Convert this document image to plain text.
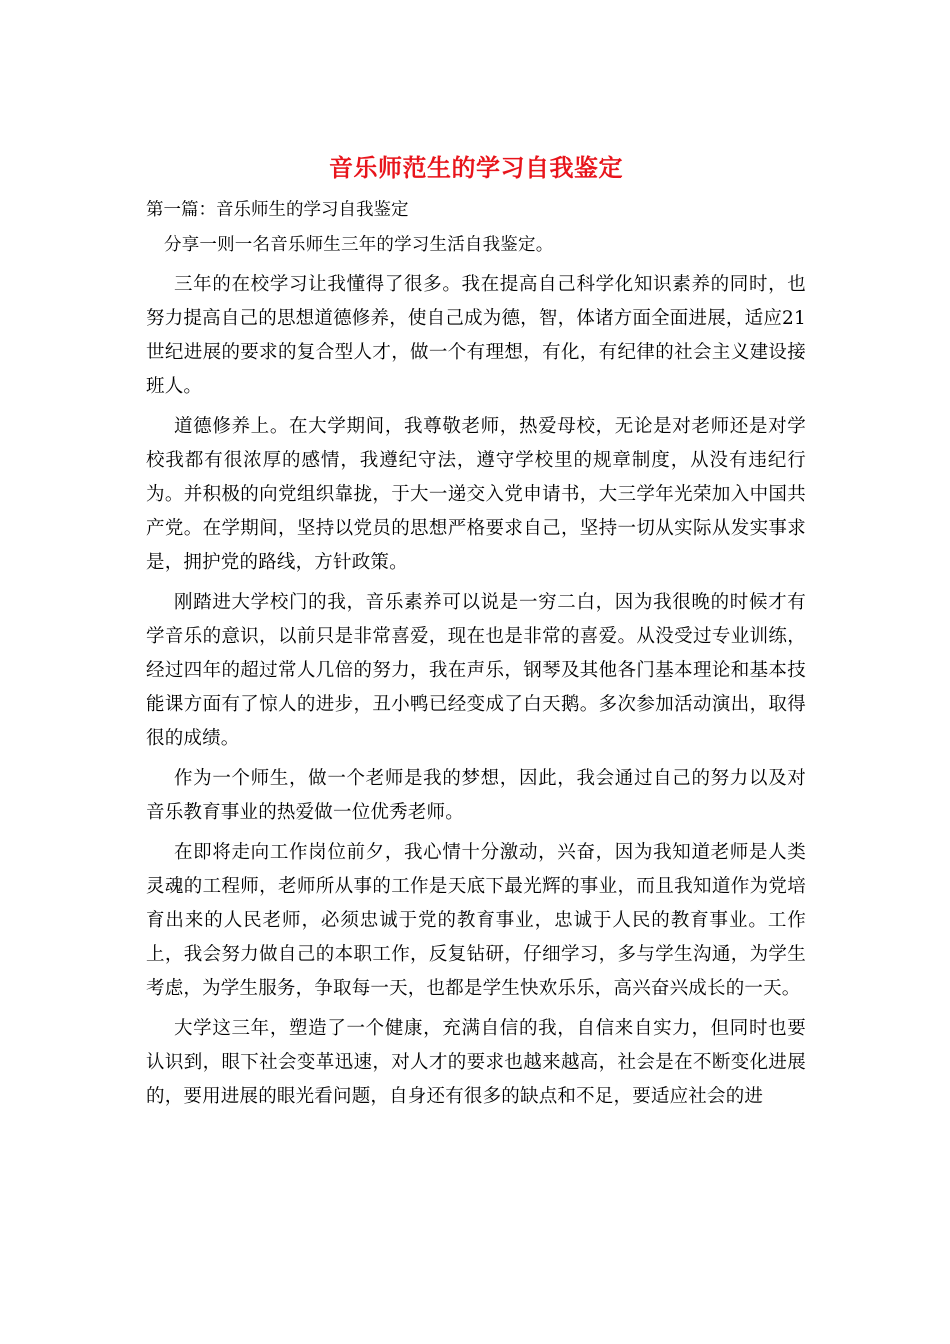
音乐师范生的学习自我鉴定
第一篇：音乐师生的学习自我鉴定

分享一则一名音乐师生三年的学习生活自我鉴定。

三年的在校学习让我懂得了很多。我在提高自己科学化知识素养的同时，也努力提高自己的思想道德修养，使自己成为德，智，体诸方面全面进展，适应21世纪进展的要求的复合型人才，做一个有理想，有化，有纪律的社会主义建设接班人。

道德修养上。在大学期间，我尊敬老师，热爱母校，无论是对老师还是对学校我都有很浓厚的感情，我遵纪守法，遵守学校里的规章制度，从没有违纪行为。并积极的向党组织靠拢，于大一递交入党申请书，大三学年光荣加入中国共产党。在学期间，坚持以党员的思想严格要求自己，坚持一切从实际从发实事求是，拥护党的路线，方针政策。

刚踏进大学校门的我，音乐素养可以说是一穷二白，因为我很晚的时候才有学音乐的意识，以前只是非常喜爱，现在也是非常的喜爱。从没受过专业训练，经过四年的超过常人几倍的努力，我在声乐，钢琴及其他各门基本理论和基本技能课方面有了惊人的进步，丑小鸭已经变成了白天鹅。多次参加活动演出，取得很的成绩。

作为一个师生，做一个老师是我的梦想，因此，我会通过自己的努力以及对音乐教育事业的热爱做一位优秀老师。

在即将走向工作岗位前夕，我心情十分激动，兴奋，因为我知道老师是人类灵魂的工程师，老师所从事的工作是天底下最光辉的事业，而且我知道作为党培育出来的人民老师，必须忠诚于党的教育事业，忠诚于人民的教育事业。工作上，我会努力做自己的本职工作，反复钻研，仔细学习，多与学生沟通，为学生考虑，为学生服务，争取每一天，也都是学生快欢乐乐，高兴奋兴成长的一天。

大学这三年，塑造了一个健康，充满自信的我，自信来自实力，但同时也要认识到，眼下社会变革迅速，对人才的要求也越来越高，社会是在不断变化进展的，要用进展的眼光看问题，自身还有很多的缺点和不足，要适应社会的进
